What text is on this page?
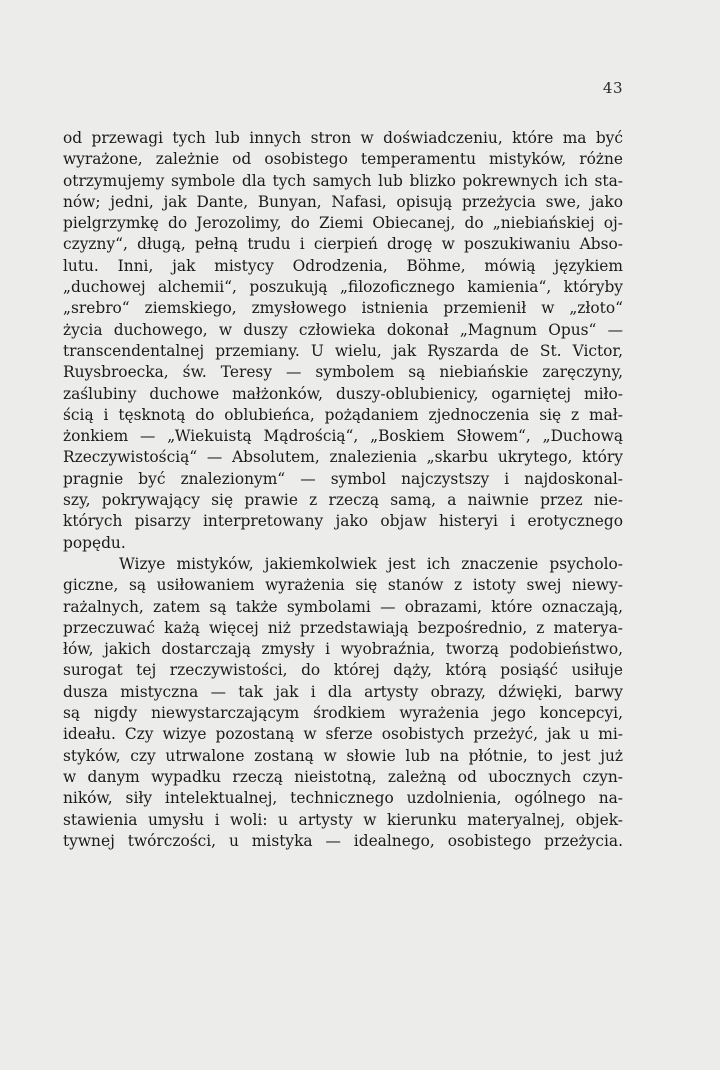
43
od przewagi tych lub innych stron w doświadczeniu, które ma być
wyrażone, zależnie od osobistego temperamentu mistyków, różne
otrzymujemy symbole dla tych samych lub blizko pokrewnych ich sta-
nów; jedni, jak Dante, Bunyan, Nafasi, opisują przeżycia swe, jako
pielgrzymkę do Jerozolimy, do Ziemi Obiecanej, do „niebiańskiej oj-
czyzny“, długą, pełną trudu i cierpień drogę w poszukiwaniu Abso-
lutu. Inni, jak mistycy Odrodzenia, Böhme, mówią językiem
„duchowej alchemii“, poszukują „filozoficznego kamienia“, któryby
„srebro“ ziemskiego, zmysłowego istnienia przemienił w „złoto“
życia duchowego, w duszy człowieka dokonał „Magnum Opus“ —
transcendentalnej przemiany. U wielu, jak Ryszarda de St. Victor,
Ruysbroecka, św. Teresy — symbolem są niebiańskie zaręczyny,
zaślubiny duchowe małżonków, duszy-oblubienicy, ogarniętej miło-
ścią i tęsknotą do oblubieńca, pożądaniem zjednoczenia się z mał-
żonkiem — „Wiekuistą Mądrością“, „Boskiem Słowem“, „Duchową
Rzeczywistością“ — Absolutem, znalezienia „skarbu ukrytego, który
pragnie być znalezionym“ — symbol najczystszy i najdoskonal-
szy, pokrywający się prawie z rzeczą samą, a naiwnie przez nie-
których pisarzy interpretowany jako objaw histeryi i erotycznego
popędu.
Wizye mistyków, jakiemkolwiek jest ich znaczenie psycholo-
giczne, są usiłowaniem wyrażenia się stanów z istoty swej niewy-
rażalnych, zatem są także symbolami — obrazami, które oznaczają,
przeczuwać każą więcej niż przedstawiają bezpośrednio, z materya-
łów, jakich dostarczają zmysły i wyobraźnia, tworzą podobieństwo,
surogat tej rzeczywistości, do której dąży, którą posiąść usiłuje
dusza mistyczna — tak jak i dla artysty obrazy, dźwięki, barwy
są nigdy niewystarczającym środkiem wyrażenia jego koncepcyi,
ideału. Czy wizye pozostaną w sferze osobistych przeżyć, jak u mi-
styków, czy utrwalone zostaną w słowie lub na płótnie, to jest już
w danym wypadku rzeczą nieistotną, zależną od ubocznych czyn-
ników, siły intelektualnej, technicznego uzdolnienia, ogólnego na-
stawienia umysłu i woli: u artysty w kierunku materyalnej, objek-
tywnej twórczości, u mistyka — idealnego, osobistego przeżycia.
